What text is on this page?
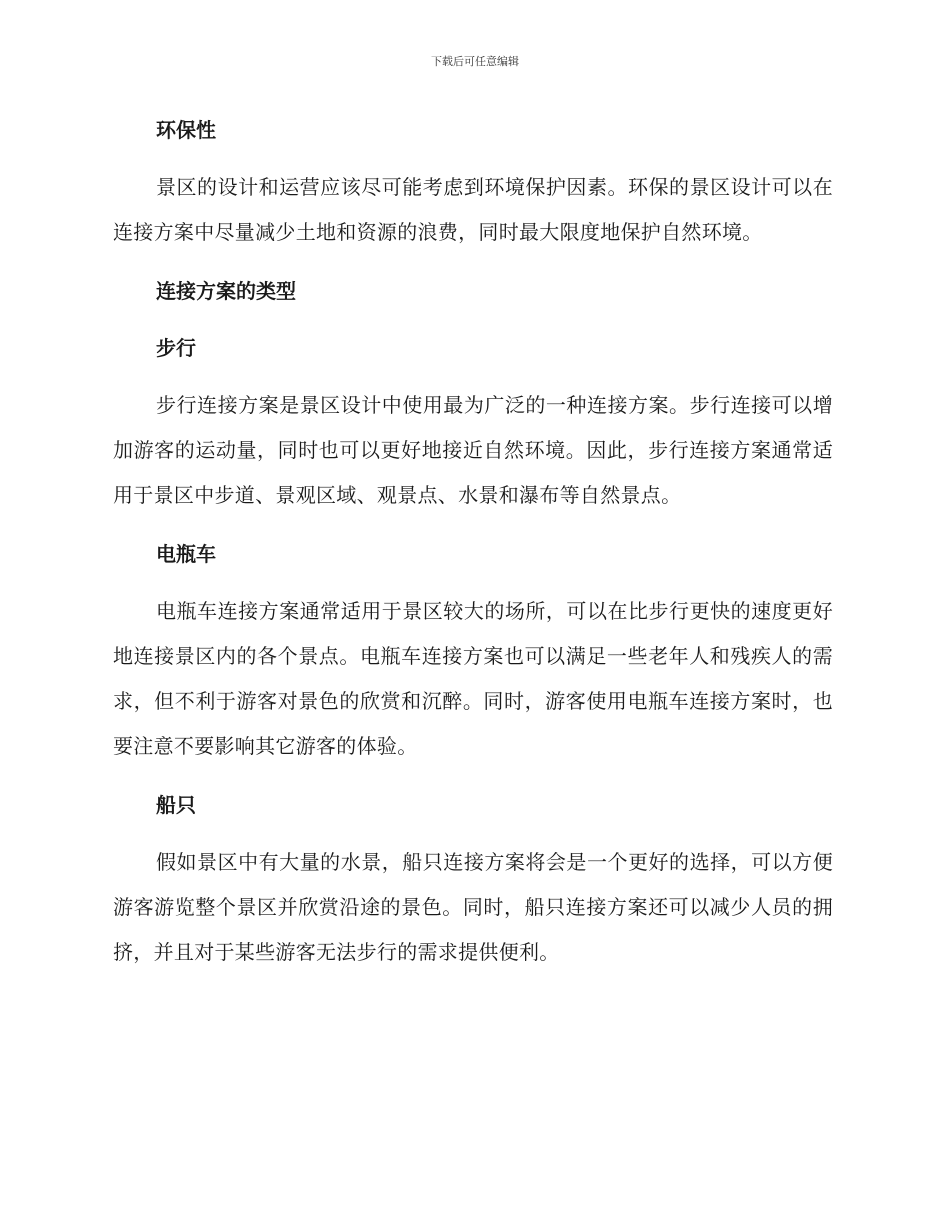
下载后可任意编辑
环保性

景区的设计和运营应该尽可能考虑到环境保护因素。环保的景区设计可以在连接方案中尽量减少土地和资源的浪费，同时最大限度地保护自然环境。

连接方案的类型
步行

步行连接方案是景区设计中使用最为广泛的一种连接方案。步行连接可以增加游客的运动量，同时也可以更好地接近自然环境。因此，步行连接方案通常适用于景区中步道、景观区域、观景点、水景和瀑布等自然景点。

电瓶车

电瓶车连接方案通常适用于景区较大的场所，可以在比步行更快的速度更好地连接景区内的各个景点。电瓶车连接方案也可以满足一些老年人和残疾人的需求，但不利于游客对景色的欣赏和沉醉。同时，游客使用电瓶车连接方案时，也要注意不要影响其它游客的体验。

船只

假如景区中有大量的水景，船只连接方案将会是一个更好的选择，可以方便游客游览整个景区并欣赏沿途的景色。同时，船只连接方案还可以减少人员的拥挤，并且对于某些游客无法步行的需求提供便利。
